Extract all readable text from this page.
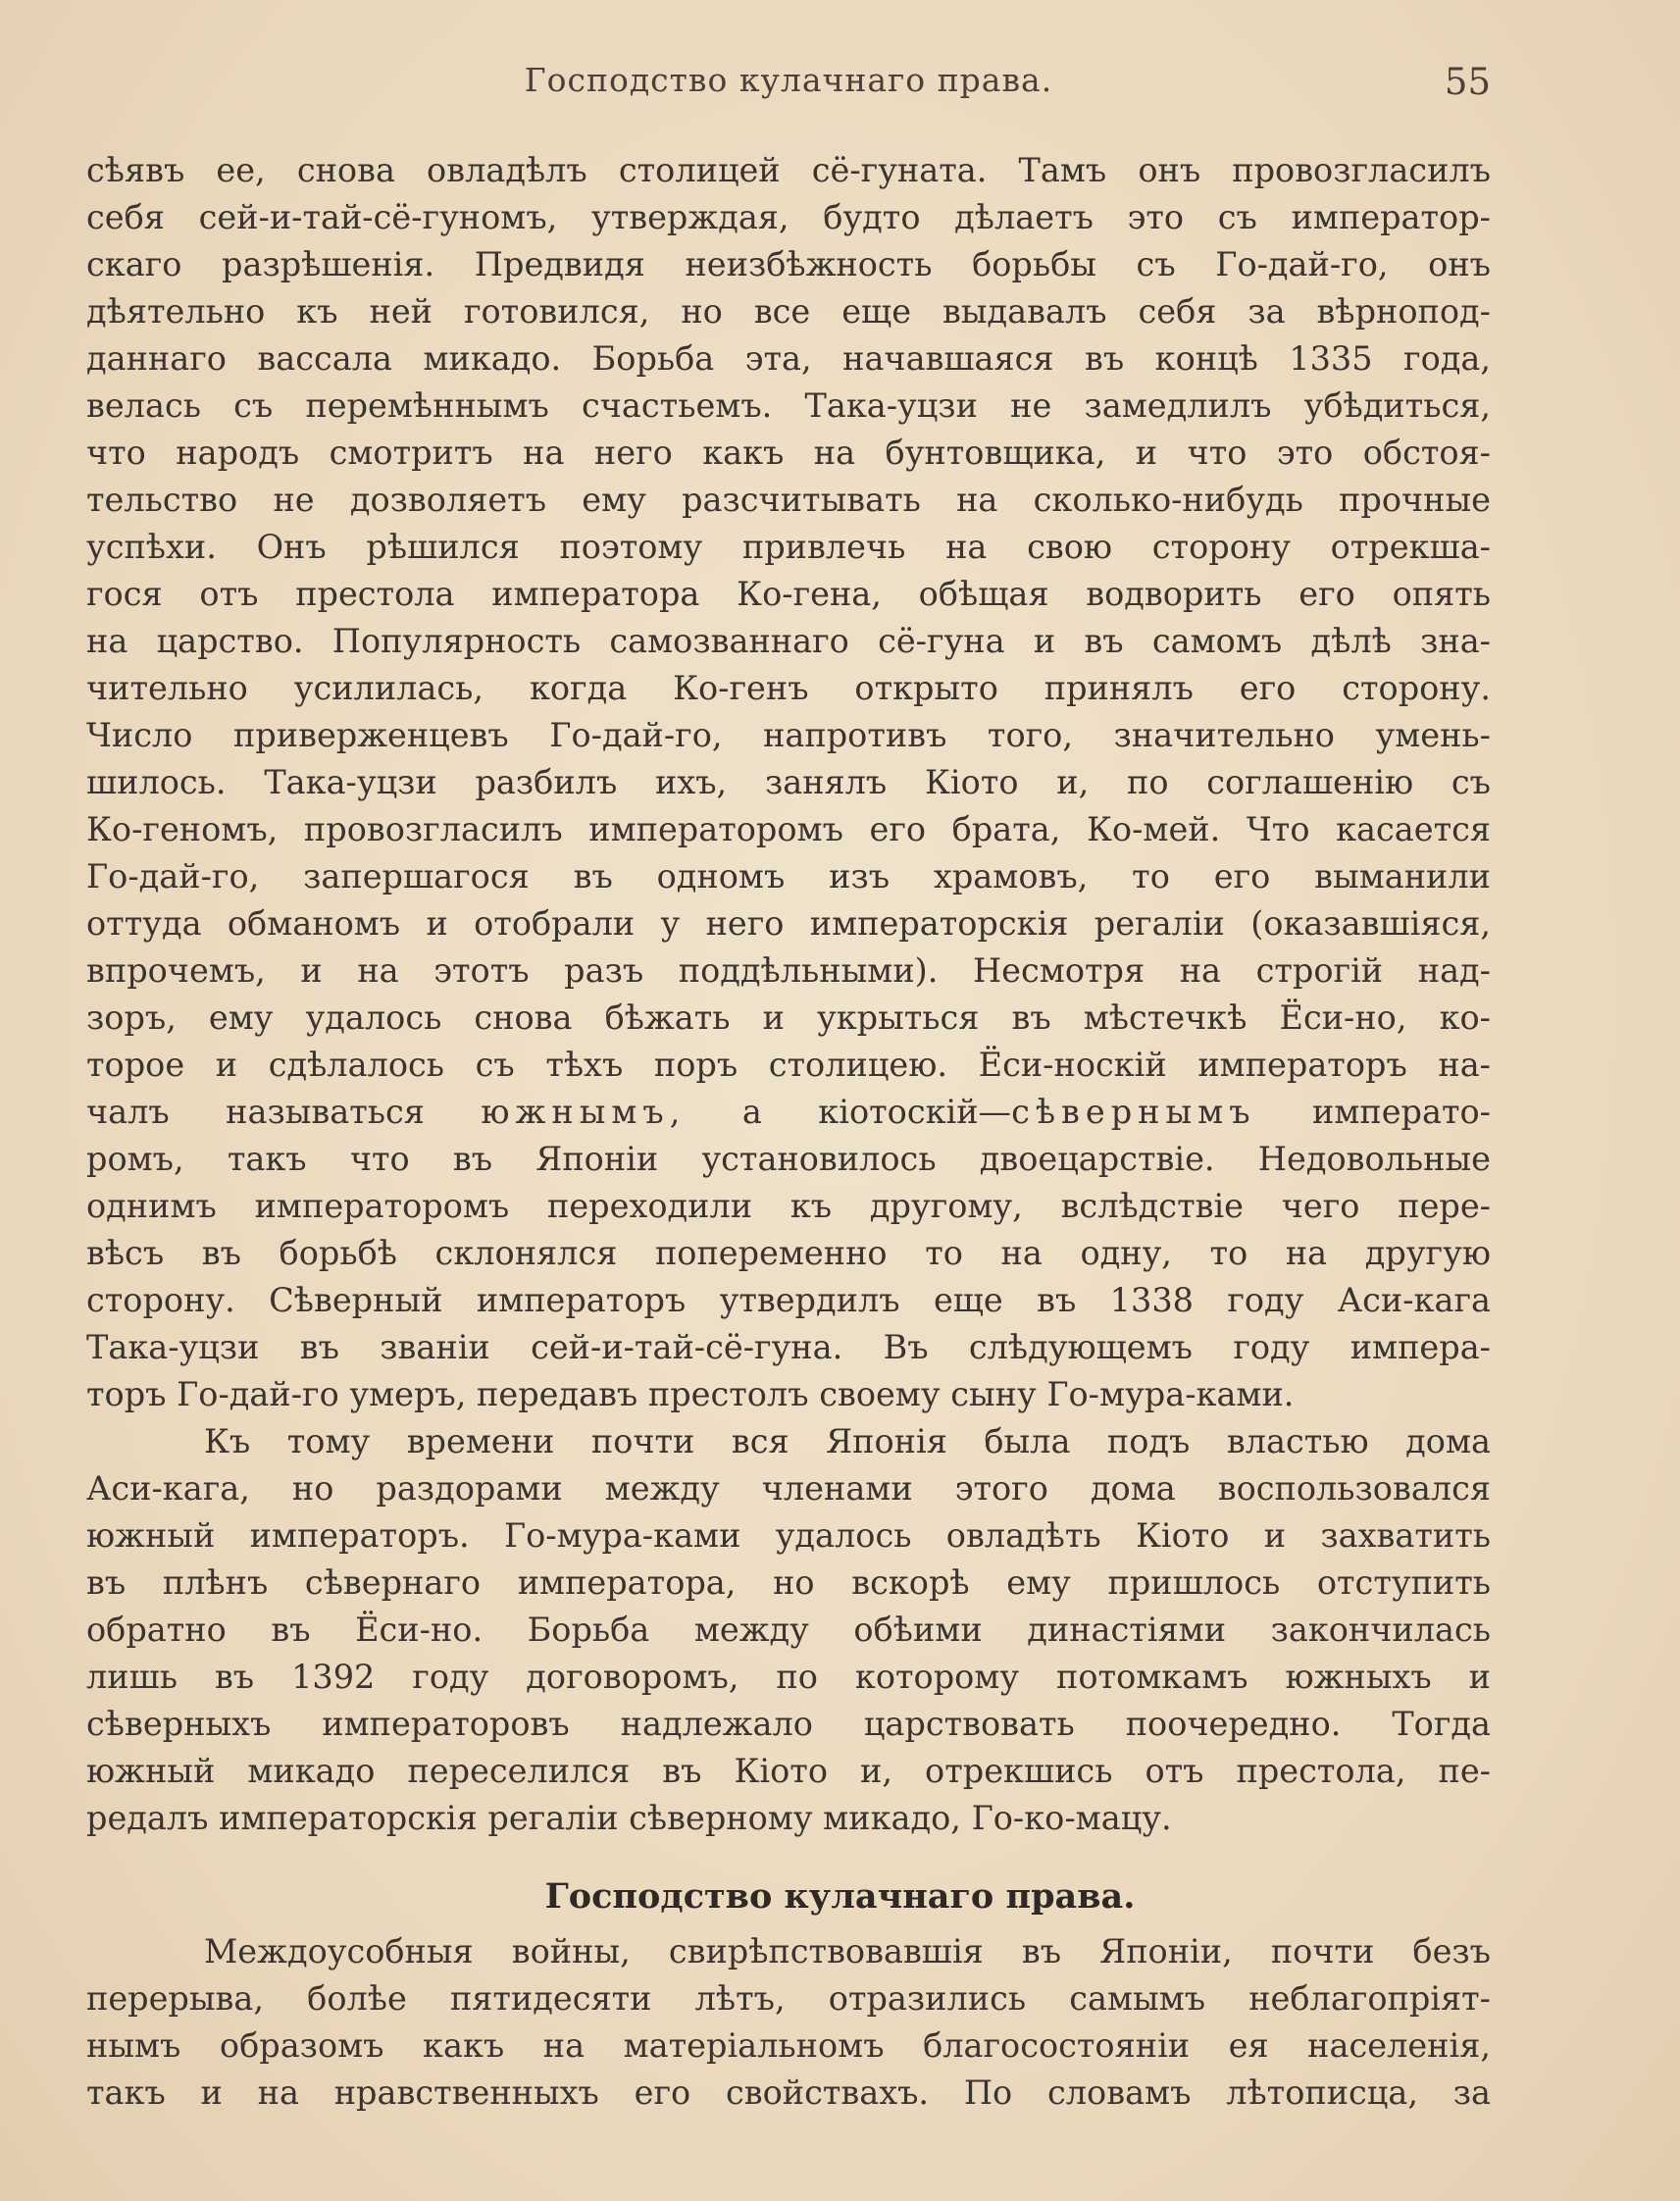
Господство кулачнаго права.	55
сѣявъ ее, снова овладѣлъ столицей сё-гуната. Тамъ онъ провозгласилъ
себя сей-и-тай-сё-гуномъ, утверждая, будто дѣлаетъ это съ император-
скаго разрѣшенія. Предвидя неизбѣжность борьбы съ Го-дай-го, онъ
дѣятельно къ ней готовился, но все еще выдавалъ себя за вѣрнопод-
даннаго вассала микадо. Борьба эта, начавшаяся въ концѣ 1335 года,
велась съ перемѣннымъ счастьемъ. Така-уцзи не замедлилъ убѣдиться,
что народъ смотритъ на него какъ на бунтовщика, и что это обстоя-
тельство не дозволяетъ ему разсчитывать на сколько-нибудь прочные
успѣхи. Онъ рѣшился поэтому привлечь на свою сторону отрекша-
гося отъ престола императора Ко-гена, обѣщая водворить его опять
на царство. Популярность самозваннаго сё-гуна и въ самомъ дѣлѣ зна-
чительно усилилась, когда Ко-генъ открыто принялъ его сторону.
Число приверженцевъ Го-дай-го, напротивъ того, значительно умень-
шилось. Така-уцзи разбилъ ихъ, занялъ Кіото и, по соглашенію съ
Ко-геномъ, провозгласилъ императоромъ его брата, Ко-мей. Что касается
Го-дай-го, запершагося въ одномъ изъ храмовъ, то его выманили
оттуда обманомъ и отобрали у него императорскія регаліи (оказавшіяся,
впрочемъ, и на этотъ разъ поддѣльными). Несмотря на строгій над-
зоръ, ему удалось снова бѣжать и укрыться въ мѣстечкѣ Ёси-но, ко-
торое и сдѣлалось съ тѣхъ поръ столицею. Ёси-носкій императоръ на-
чалъ называться южнымъ, а кіотоскій—сѣвернымъ императо-
ромъ, такъ что въ Японіи установилось двоецарствіе. Недовольные
однимъ императоромъ переходили къ другому, вслѣдствіе чего пере-
вѣсъ въ борьбѣ склонялся попеременно то на одну, то на другую
сторону. Сѣверный императоръ утвердилъ еще въ 1338 году Аси-кага
Така-уцзи въ званіи сей-и-тай-сё-гуна. Въ слѣдующемъ году импера-
торъ Го-дай-го умеръ, передавъ престолъ своему сыну Го-мура-ками.
Къ тому времени почти вся Японія была подъ властью дома
Аси-кага, но раздорами между членами этого дома воспользовался
южный императоръ. Го-мура-ками удалось овладѣть Кіото и захватить
въ плѣнъ сѣвернаго императора, но вскорѣ ему пришлось отступить
обратно въ Ёси-но. Борьба между обѣими династіями закончилась
лишь въ 1392 году договоромъ, по которому потомкамъ южныхъ и
сѣверныхъ императоровъ надлежало царствовать поочередно. Тогда
южный микадо переселился въ Кіото и, отрекшись отъ престола, пе-
редалъ императорскія регаліи сѣверному микадо, Го-ко-мацу.
Господство кулачнаго права.
Междоусобныя войны, свирѣпствовавшія въ Японіи, почти безъ
перерыва, болѣе пятидесяти лѣтъ, отразились самымъ неблагопріят-
нымъ образомъ какъ на матеріальномъ благосостояніи ея населенія,
такъ и на нравственныхъ его свойствахъ. По словамъ лѣтописца, за
